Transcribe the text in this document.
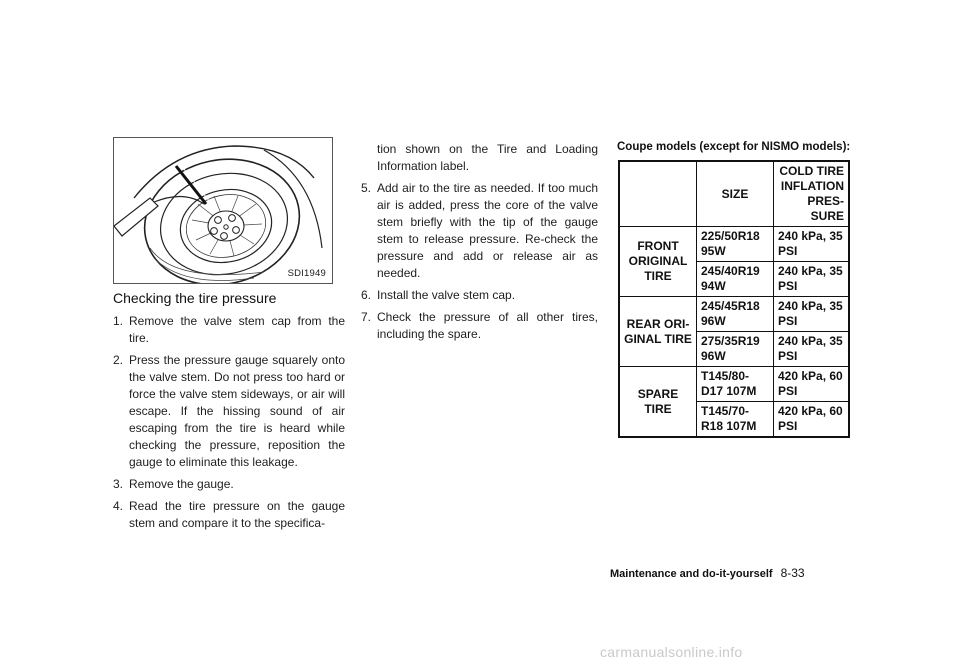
SDI1949
Checking the tire pressure
1. Remove the valve stem cap from the tire.
2. Press the pressure gauge squarely onto the valve stem. Do not press too hard or force the valve stem sideways, or air will escape. If the hissing sound of air escaping from the tire is heard while checking the pressure, reposition the gauge to eliminate this leakage.
3. Remove the gauge.
4. Read the tire pressure on the gauge stem and compare it to the specifica-
tion shown on the Tire and Loading Information label.
5. Add air to the tire as needed. If too much air is added, press the core of the valve stem briefly with the tip of the gauge stem to release pressure. Re-check the pressure and add or release air as needed.
6. Install the valve stem cap.
7. Check the pressure of all other tires, including the spare.
Coupe models (except for NISMO models):
	SIZE	COLD TIRE INFLATION PRES-SURE
FRONT ORIGINAL TIRE	225/50R18 95W	240 kPa, 35 PSI
	245/40R19 94W	240 kPa, 35 PSI
REAR ORI-GINAL TIRE	245/45R18 96W	240 kPa, 35 PSI
	275/35R19 96W	240 kPa, 35 PSI
SPARE TIRE	T145/80-D17 107M	420 kPa, 60 PSI
	T145/70-R18 107M	420 kPa, 60 PSI
Maintenance and do-it-yourself 8-33
carmanualsonline.info
